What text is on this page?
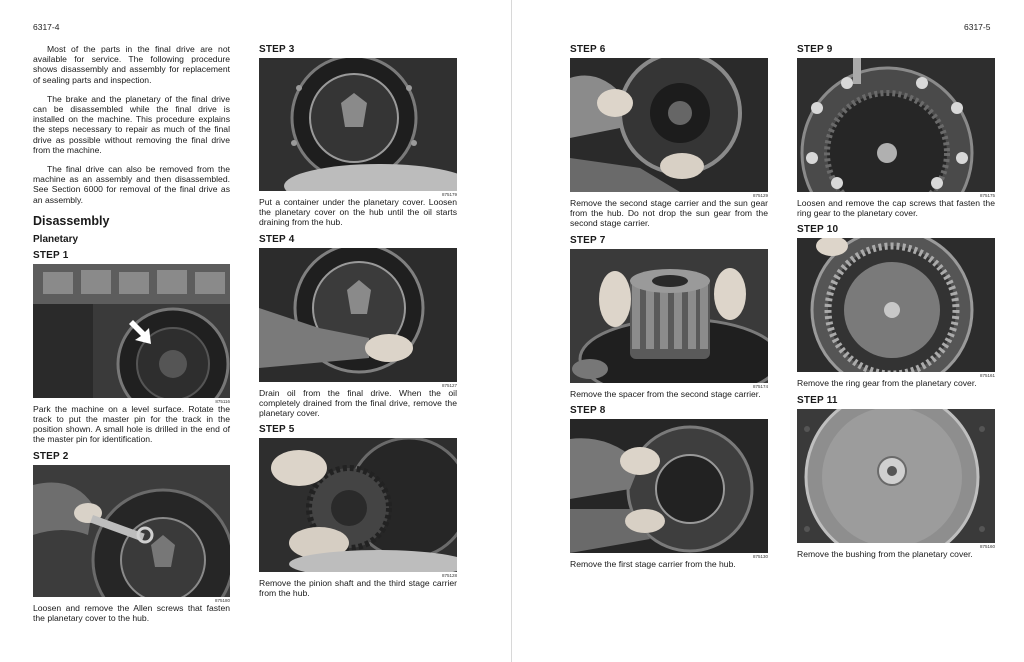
6317-4

Most of the parts in the final drive are not available for service. The following procedure shows disassembly and assembly for replacement of sealing parts and inspection.

The brake and the planetary of the final drive can be disassembled while the final drive is installed on the machine. This procedure explains the steps necessary to repair as much of the final drive as possible without removing the final drive from the machine.

The final drive can also be removed from the machine as an assembly and then disassembled. See Section 6000 for removal of the final drive as an assembly.

Disassembly
Planetary
STEP 1
875116

Park the machine on a level surface. Rotate the track to put the master pin for the track in the position shown. A small hole is drilled in the end of the master pin for identification.

STEP 2
875180

Loosen and remove the Allen screws that fasten the planetary cover to the hub.

STEP 3
875179

Put a container under the planetary cover. Loosen the planetary cover on the hub until the oil starts draining from the hub.

STEP 4
875127

Drain oil from the final drive. When the oil completely drained from the final drive, remove the planetary cover.

STEP 5
875128

Remove the pinion shaft and the third stage carrier from the hub.

6317-5
STEP 6
875129

Remove the second stage carrier and the sun gear from the hub. Do not drop the sun gear from the second stage carrier.

STEP 7
875174

Remove the spacer from the second stage carrier.

STEP 8
875130

Remove the first stage carrier from the hub.

STEP 9
875175

Loosen and remove the cap screws that fasten the ring gear to the planetary cover.

STEP 10
875161

Remove the ring gear from the planetary cover.

STEP 11
875160

Remove the bushing from the planetary cover.
